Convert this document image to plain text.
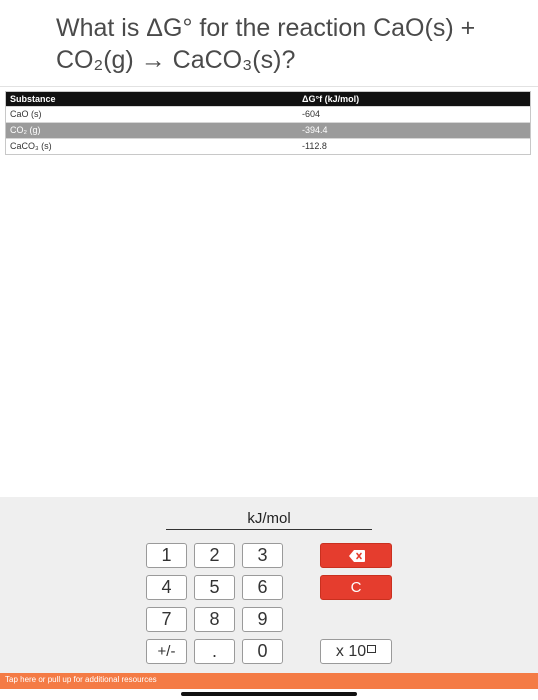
What is ΔG° for the reaction CaO(s) +
CO₂(g) → CaCO₃(s)?
Substance	ΔG°f (kJ/mol)
CaO (s)	-604
CO₂ (g)	-394.4
CaCO₃ (s)	-112.8
kJ/mol
1	2	3
4	5	6	C
7	8	9
+/-	.	0	x 10
Tap here or pull up for additional resources
